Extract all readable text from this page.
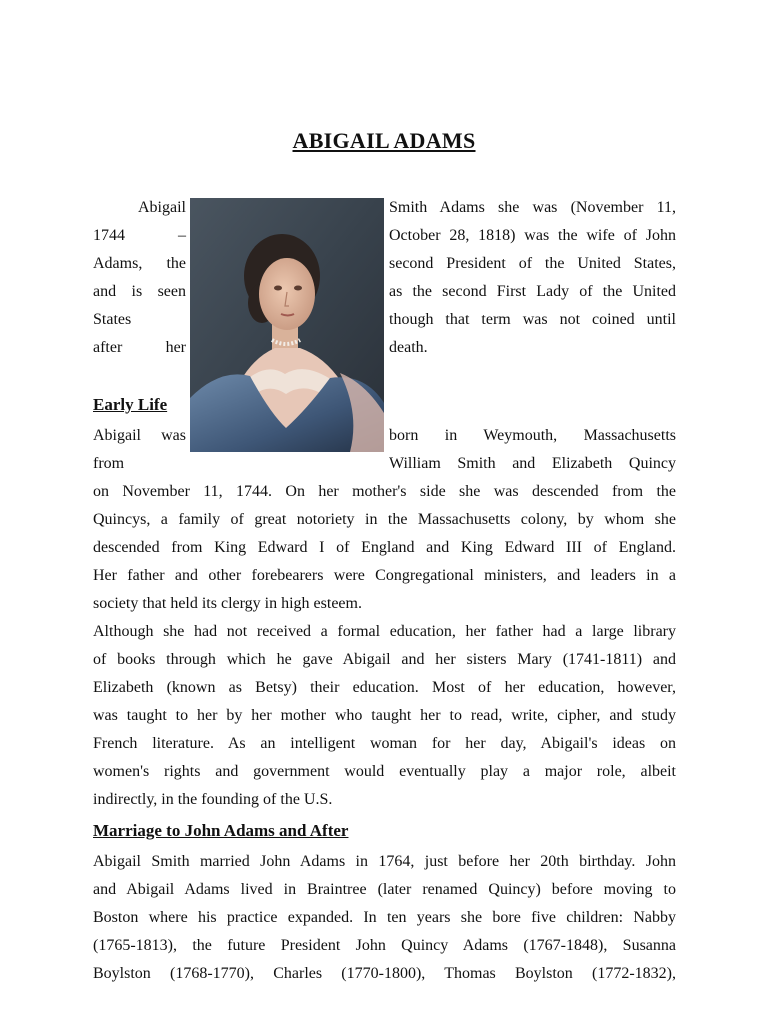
ABIGAIL ADAMS
Abigail
1744 –
Adams, the
and is seen
States
after her
Smith Adams she was (November 11,
October 28, 1818) was the wife of John
second President of the United States,
as the second First Lady of the United
though that term was not coined until
death.
Early Life
Abigail was
from
born in Weymouth, Massachusetts
William Smith and Elizabeth Quincy
on November 11, 1744. On her mother's side she was descended from the
Quincys, a family of great notoriety in the Massachusetts colony, by whom she
descended from King Edward I of England and King Edward III of England.
Her father and other forebearers were Congregational ministers, and leaders in a
society that held its clergy in high esteem.
Although she had not received a formal education, her father had a large library
of books through which he gave Abigail and her sisters Mary (1741-1811) and
Elizabeth (known as Betsy) their education. Most of her education, however,
was taught to her by her mother who taught her to read, write, cipher, and study
French literature. As an intelligent woman for her day, Abigail's ideas on
women's rights and government would eventually play a major role, albeit
indirectly, in the founding of the U.S.
Marriage to John Adams and After
Abigail Smith married John Adams in 1764, just before her 20th birthday. John
and Abigail Adams lived in Braintree (later renamed Quincy) before moving to
Boston where his practice expanded. In ten years she bore five children: Nabby
(1765-1813), the future President John Quincy Adams (1767-1848), Susanna
Boylston (1768-1770), Charles (1770-1800), Thomas Boylston (1772-1832),
